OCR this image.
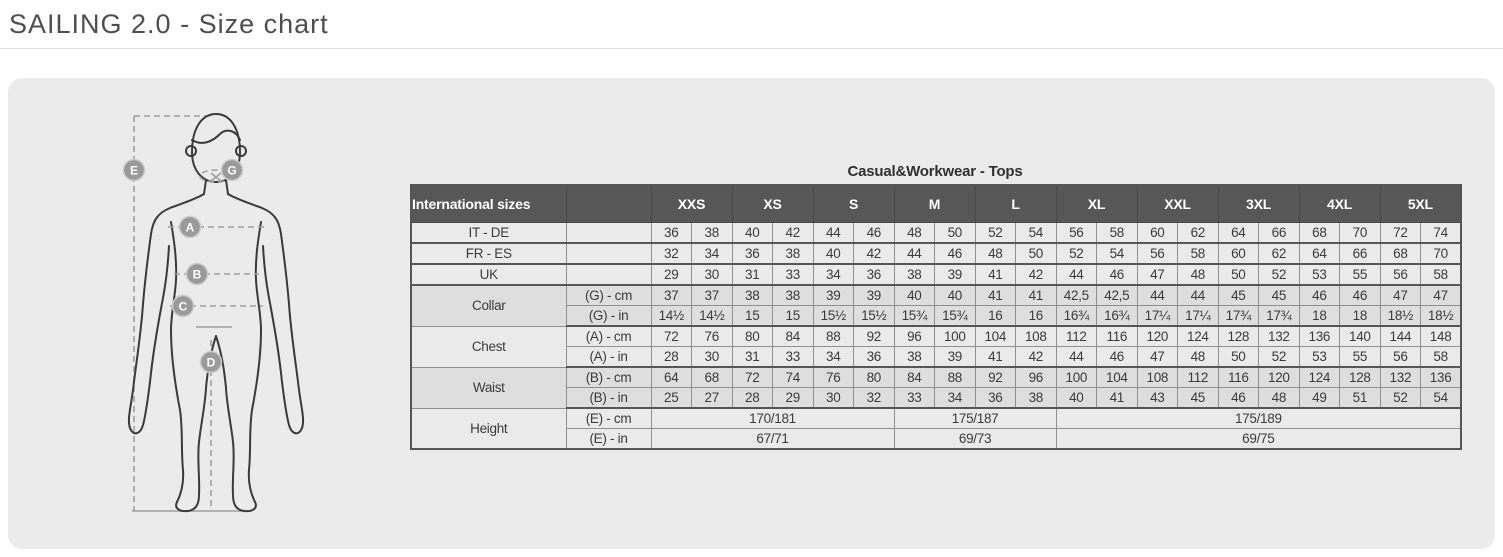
SAILING 2.0 - Size chart
E	G
A
B
C
D
Casual&Workwear - Tops
International sizes		XXS		XS		S		M		L		XL		XXL		3XL		4XL		5XL	
IT - DE		36	38	40	42	44	46	48	50	52	54	56	58	60	62	64	66	68	70	72	74
FR - ES		32	34	36	38	40	42	44	46	48	50	52	54	56	58	60	62	64	66	68	70
UK		29	30	31	33	34	36	38	39	41	42	44	46	47	48	50	52	53	55	56	58
Collar	(G) - cm	37	37	38	38	39	39	40	40	41	41	42,5	42,5	44	44	45	45	46	46	47	47
	(G) - in	14½	14½	15	15	15½	15½	15¾	15¾	16	16	16¾	16¾	17¼	17¼	17¾	17¾	18	18	18½	18½
Chest	(A) - cm	72	76	80	84	88	92	96	100	104	108	112	116	120	124	128	132	136	140	144	148
	(A) - in	28	30	31	33	34	36	38	39	41	42	44	46	47	48	50	52	53	55	56	58
Waist	(B) - cm	64	68	72	74	76	80	84	88	92	96	100	104	108	112	116	120	124	128	132	136
	(B) - in	25	27	28	29	30	32	33	34	36	38	40	41	43	45	46	48	49	51	52	54
Height	(E) - cm	170/181						175/187				175/189									
	(E) - in	67/71						69/73				69/75									
